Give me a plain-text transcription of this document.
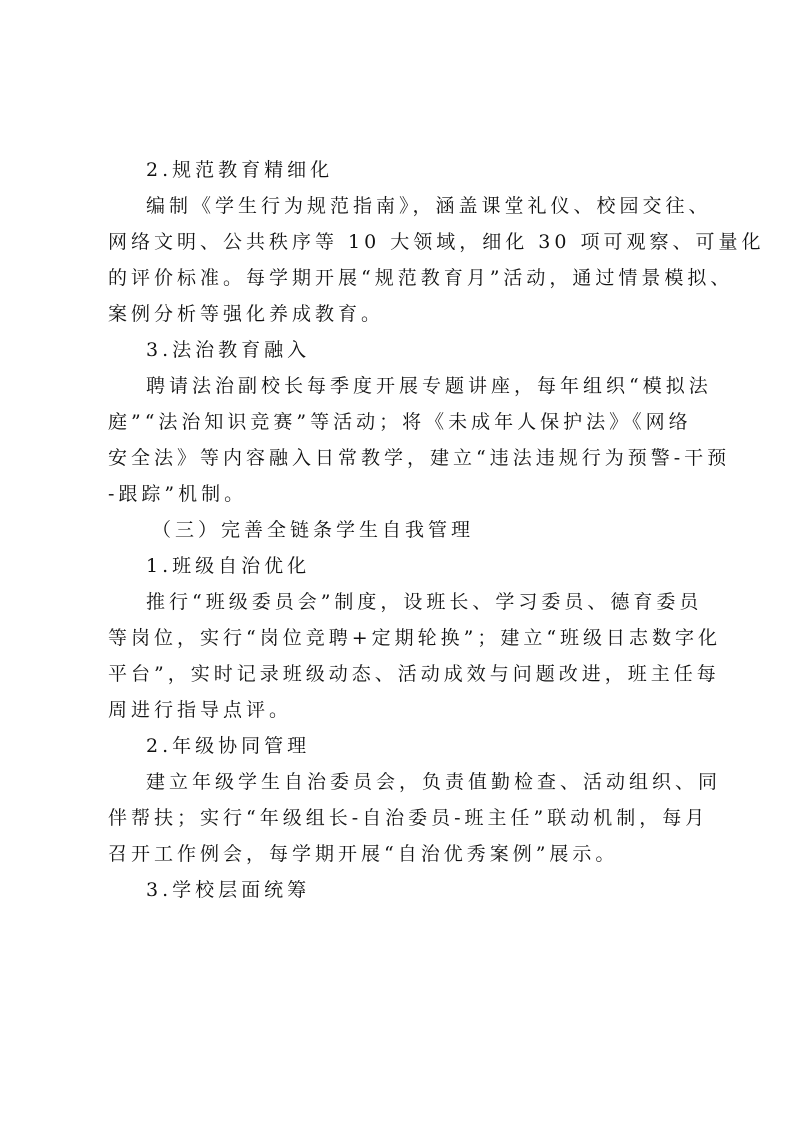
2.规范教育精细化
编制《学生行为规范指南》，涵盖课堂礼仪、校园交往、
网络文明、公共秩序等 10 大领域，细化 30 项可观察、可量化
的评价标准。每学期开展“规范教育月”活动，通过情景模拟、
案例分析等强化养成教育。
3.法治教育融入
聘请法治副校长每季度开展专题讲座，每年组织“模拟法
庭”“法治知识竞赛”等活动；将《未成年人保护法》《网络
安全法》等内容融入日常教学，建立“违法违规行为预警-干预
-跟踪”机制。
（三）完善全链条学生自我管理
1.班级自治优化
推行“班级委员会”制度，设班长、学习委员、德育委员
等岗位，实行“岗位竞聘+定期轮换”；建立“班级日志数字化
平台”，实时记录班级动态、活动成效与问题改进，班主任每
周进行指导点评。
2.年级协同管理
建立年级学生自治委员会，负责值勤检查、活动组织、同
伴帮扶；实行“年级组长-自治委员-班主任”联动机制，每月
召开工作例会，每学期开展“自治优秀案例”展示。
3.学校层面统筹
